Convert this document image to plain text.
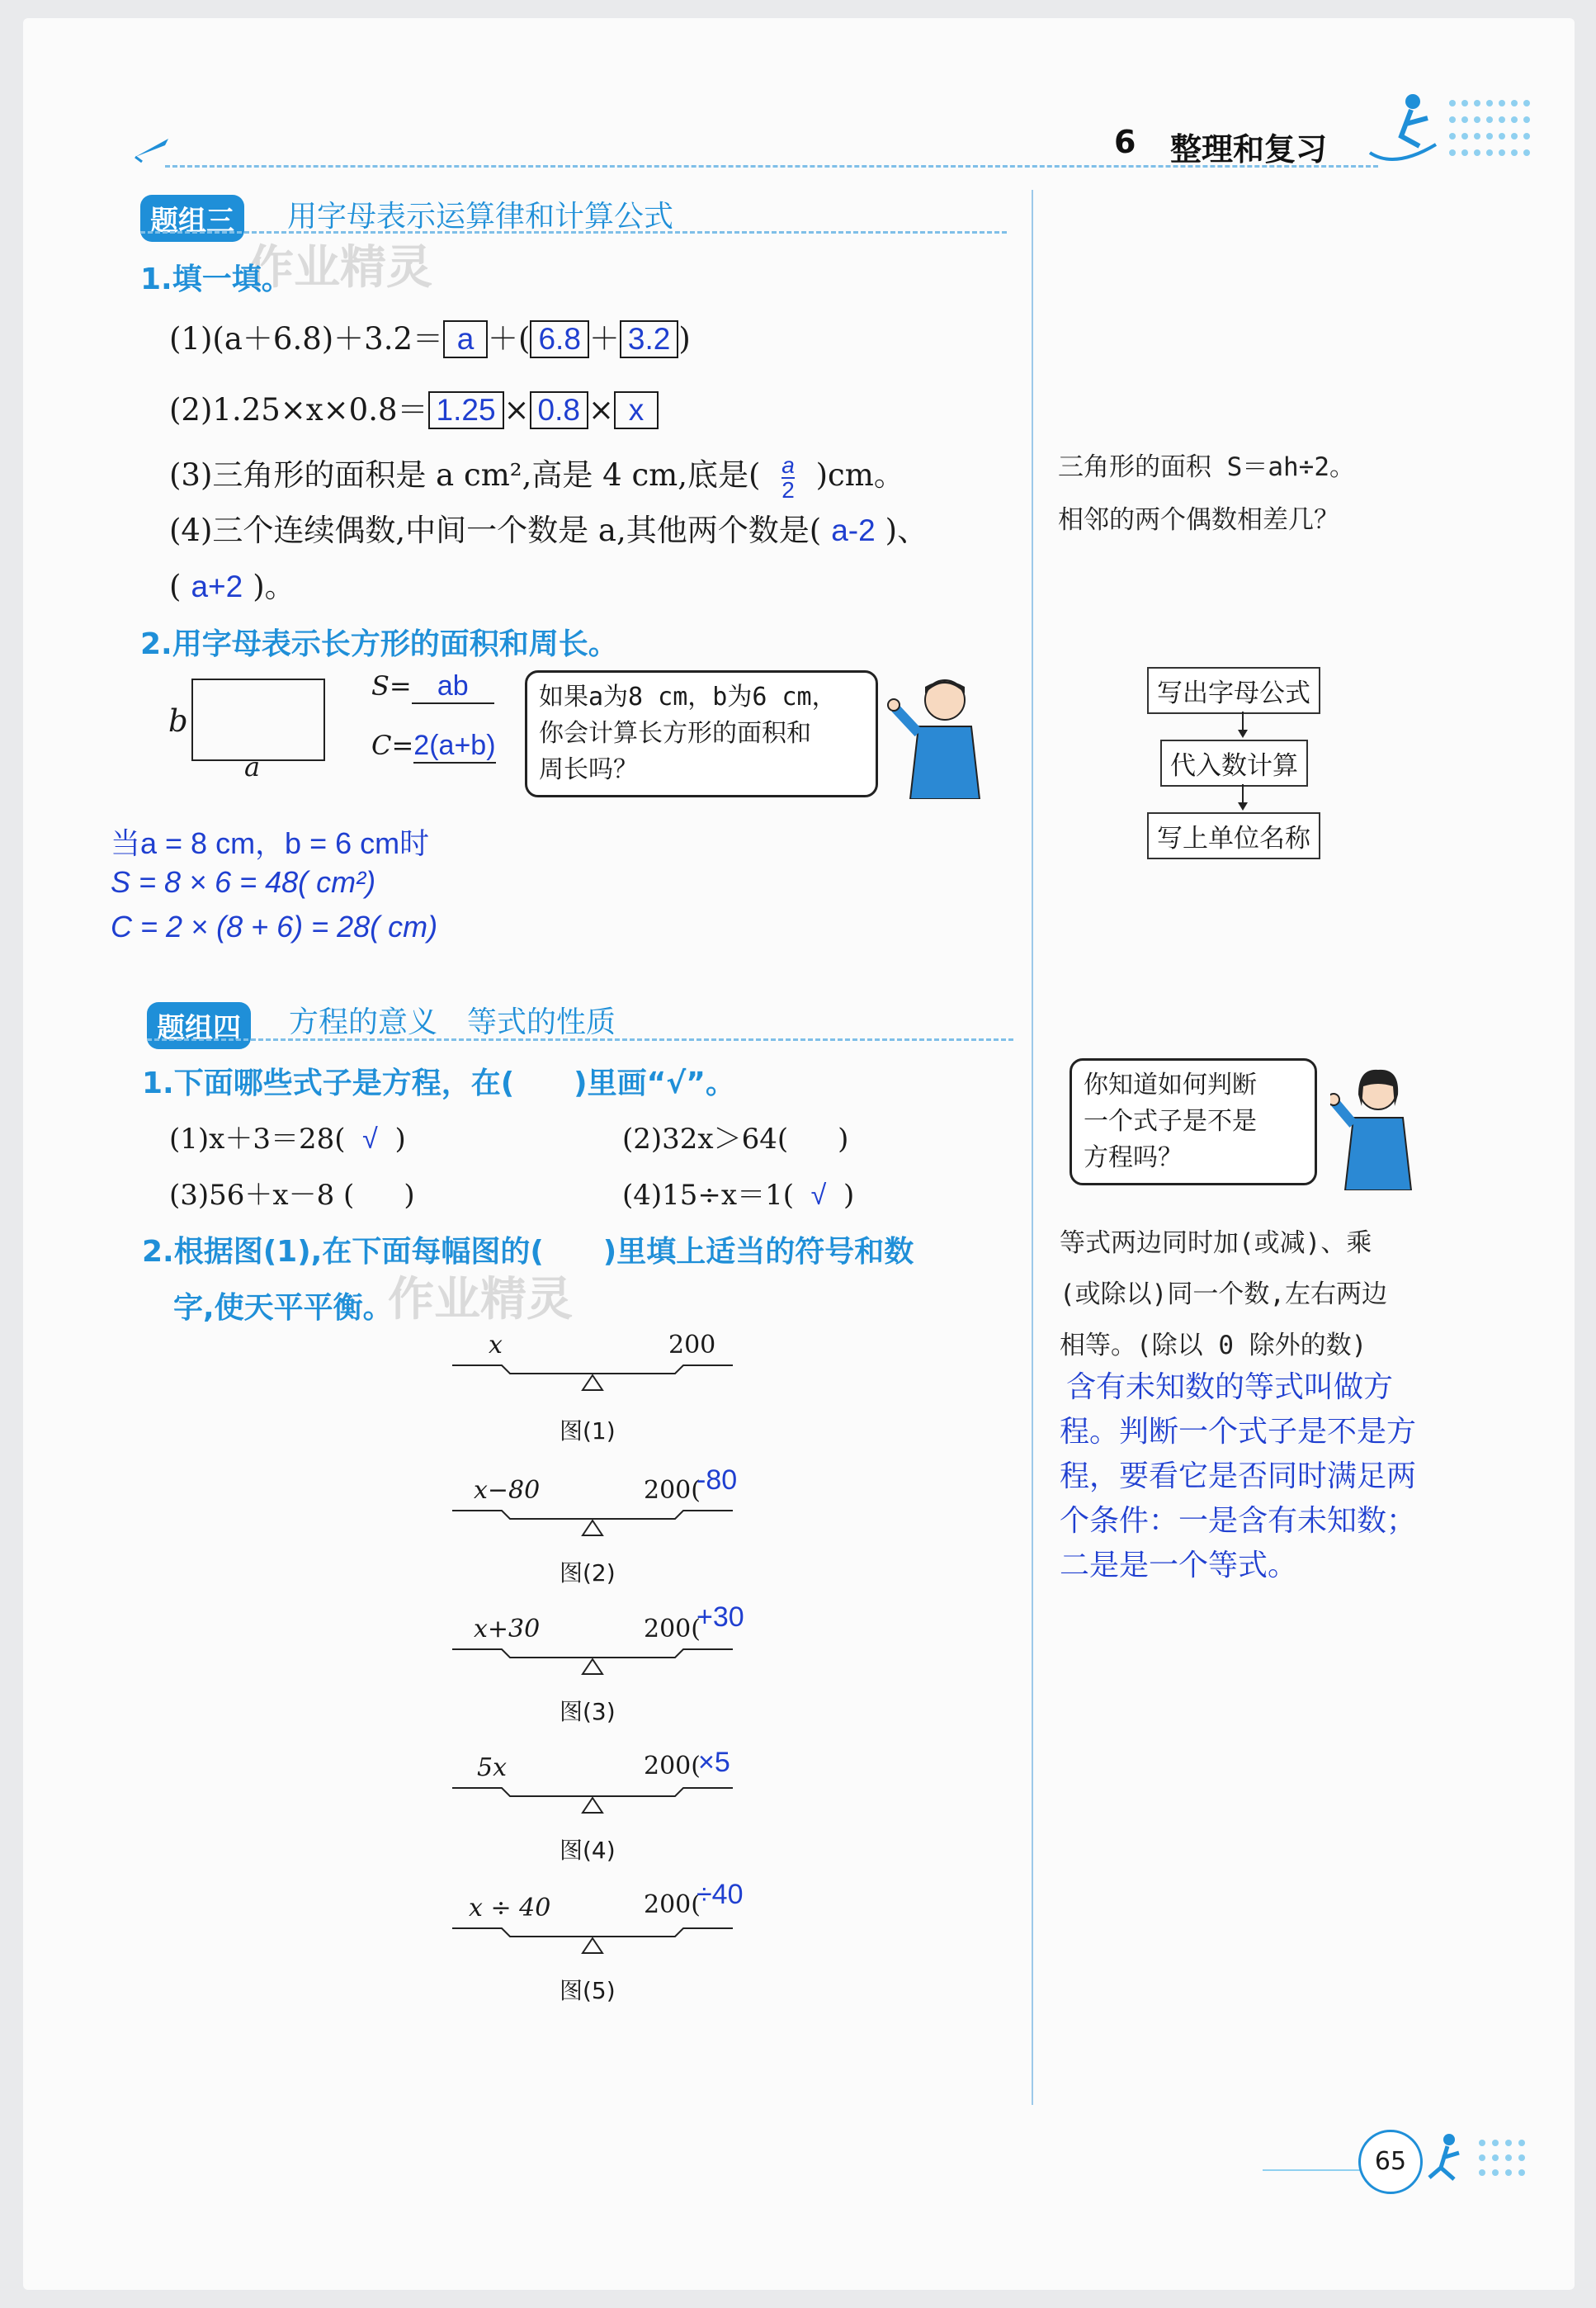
6 整理和复习
题组三	用字母表示运算律和计算公式
作业精灵
1.填一填。
(1)(a＋6.8)＋3.2＝ a ＋( 6.8 ＋ 3.2 )
(2)1.25×x×0.8＝ 1.25 × 0.8 × x
(3)三角形的面积是 a cm²,高是 4 cm,底是( $\frac{a}{2} )cm$。
(4)三个连续偶数,中间一个数是 a,其他两个数是( a-2 )、
( a+2 )。
2.用字母表示长方形的面积和周长。
b
a
S= ab
C=2(a+b)
如果a为8 cm，b为6 cm，
你会计算长方形的面积和
周长吗？
当a = 8 cm，b = 6 cm时
S = 8 × 6 = 48( cm²)
C = 2 × (8 + 6) = 28( cm)
三角形的面积 S＝ah÷2。
相邻的两个偶数相差几？
写出字母公式
代入数计算
写上单位名称
题组四	方程的意义　等式的性质
1.下面哪些式子是方程，在(　　)里画“√”。
(1)x＋3＝28( √ )	(2)32x＞64( )
(3)56＋x－8 ( )	(4)15÷x＝1( √ )
2.根据图(1),在下面每幅图的(　　)里填上适当的符号和数
字,使天平平衡。
作业精灵
x	200
图(1)
x−80	200(
-80
图(2)
x+30	200(
+30
图(3)
5x	200(
×5
图(4)
x ÷ 40	200(
÷40
图(5)
你知道如何判断
一个式子是不是
方程吗？
等式两边同时加(或减)、乘
(或除以)同一个数,左右两边
相等。(除以 0 除外的数)
含有未知数的等式叫做方
程。判断一个式子是不是方
程，要看它是否同时满足两
个条件：一是含有未知数；
二是是一个等式。
65
